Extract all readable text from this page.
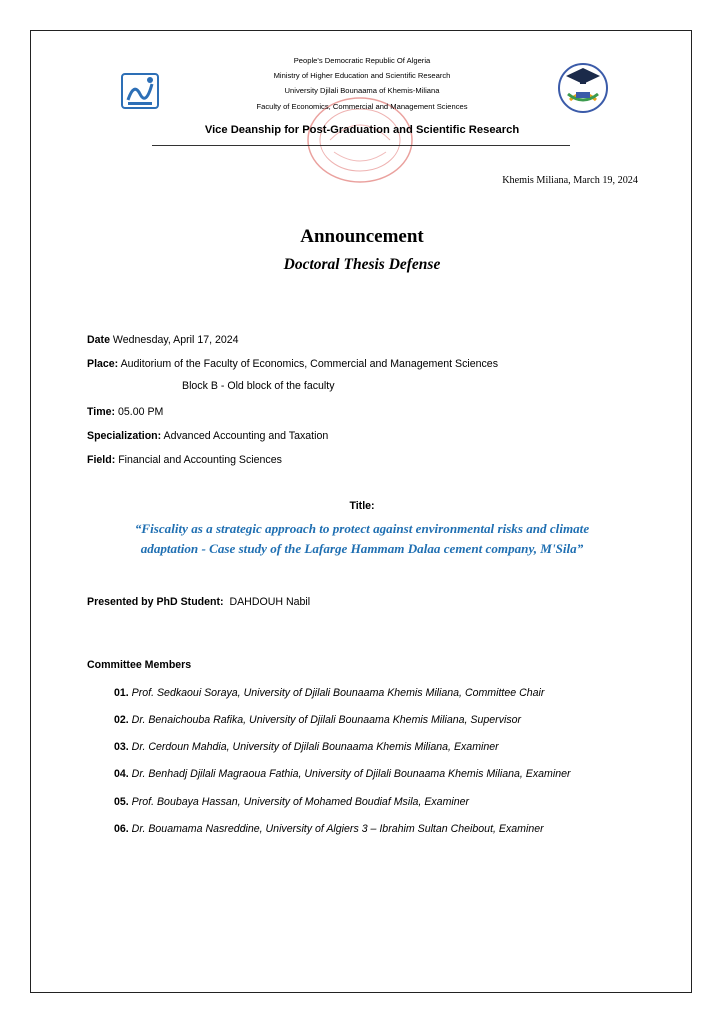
People's Democratic Republic Of Algeria
Ministry of Higher Education and Scientific Research
University Djilali Bounaama of Khemis-Miliana
Faculty of Economics, Commercial and Management Sciences
Vice Deanship for Post-Graduation and Scientific Research
Khemis Miliana, March 19, 2024
Announcement
Doctoral Thesis Defense
Date Wednesday, April 17, 2024
Place: Auditorium of the Faculty of Economics, Commercial and Management Sciences
Block B - Old block of the faculty
Time: 05.00 PM
Specialization: Advanced Accounting and Taxation
Field: Financial and Accounting Sciences
Title:
“Fiscality as a strategic approach to protect against environmental risks and climate
adaptation - Case study of the Lafarge Hammam Dalaa cement company, M'Sila”
Presented by PhD Student: DAHDOUH Nabil
Committee Members
01. Prof. Sedkaoui Soraya, University of Djilali Bounaama Khemis Miliana, Committee Chair
02. Dr. Benaichouba Rafika, University of Djilali Bounaama Khemis Miliana, Supervisor
03. Dr. Cerdoun Mahdia, University of Djilali Bounaama Khemis Miliana, Examiner
04. Dr. Benhadj Djilali Magraoua Fathia, University of Djilali Bounaama Khemis Miliana, Examiner
05. Prof. Boubaya Hassan, University of Mohamed Boudiaf Msila, Examiner
06. Dr. Bouamama Nasreddine, University of Algiers 3 – Ibrahim Sultan Cheibout, Examiner
